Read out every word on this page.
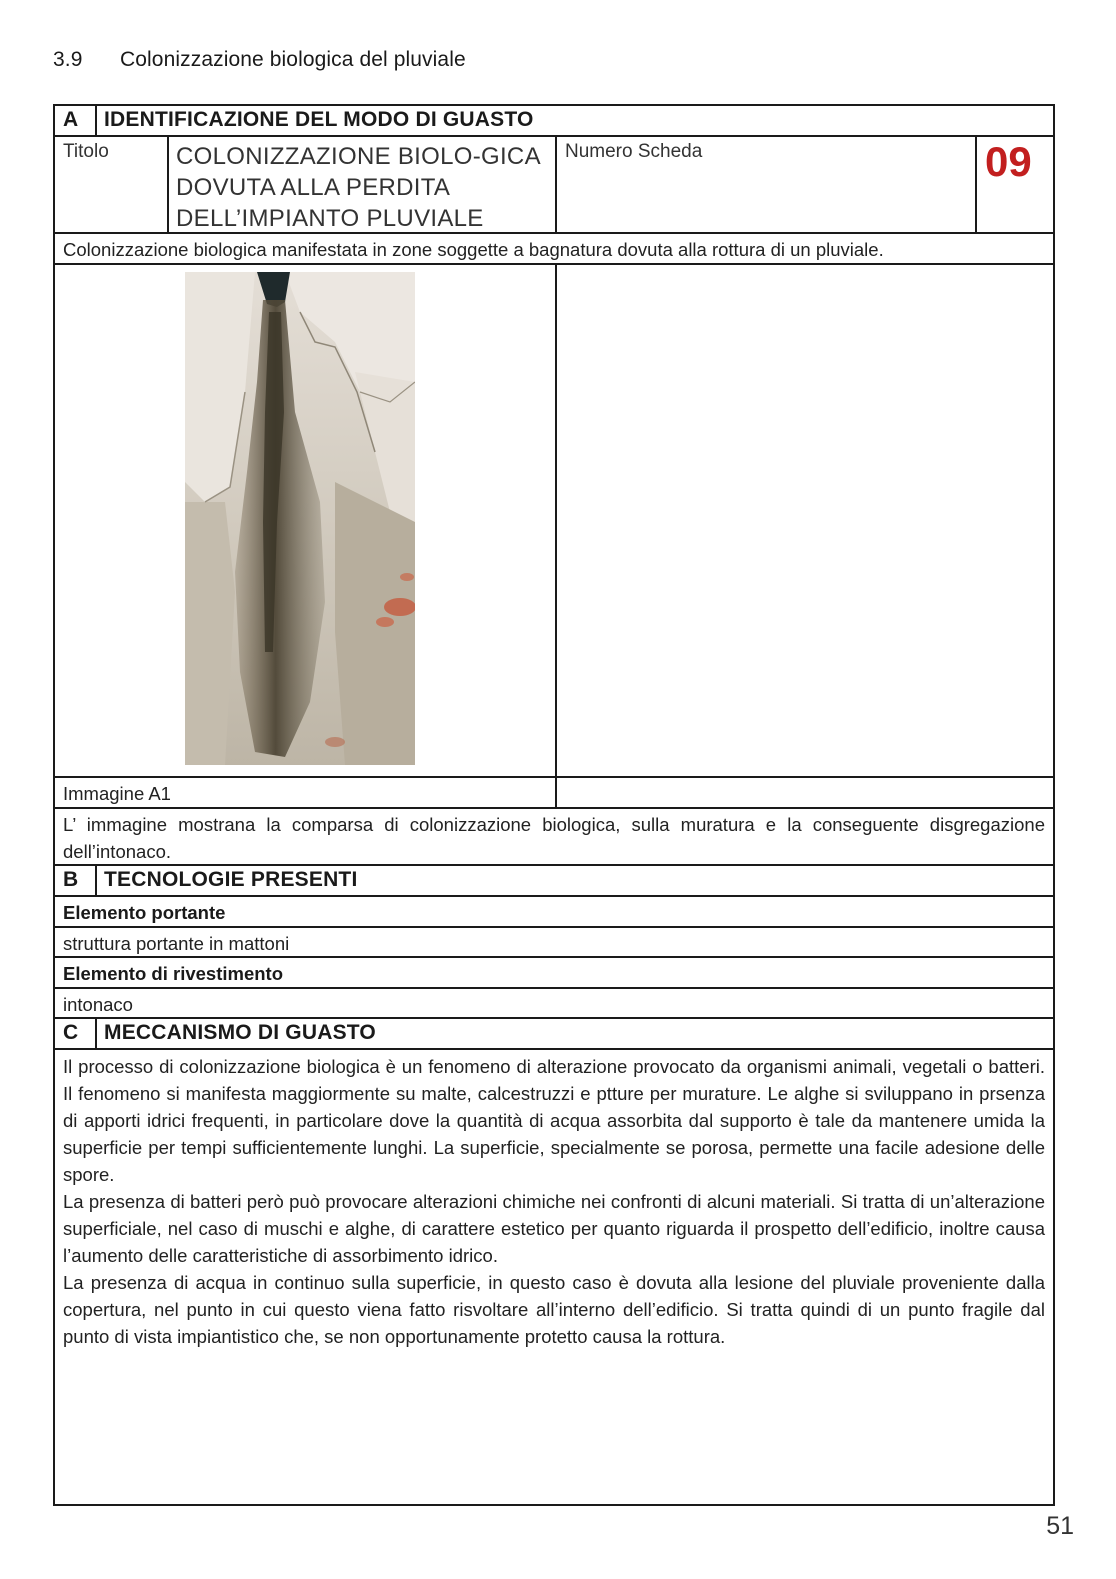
3.9 Colonizzazione biologica del pluviale
A	IDENTIFICAZIONE DEL MODO DI GUASTO
Titolo	COLONIZZAZIONE BIOLO-GICA DOVUTA ALLA PERDITA DELL’IMPIANTO PLUVIALE
Numero Scheda	09
Colonizzazione biologica manifestata in zone soggette a bagnatura dovuta alla rottura di un pluviale.
Immagine A1
L’ immagine mostrana la comparsa di colonizzazione biologica, sulla muratura e la conseguente disgregazione dell’intonaco.
B	TECNOLOGIE PRESENTI
Elemento portante
struttura portante in mattoni
Elemento di rivestimento
intonaco
C	MECCANISMO DI GUASTO
Il processo di colonizzazione biologica è un fenomeno di alterazione provocato da organismi animali, vegetali o batteri. Il fenomeno si manifesta maggiormente su malte, calcestruzzi e ptture per murature. Le alghe si sviluppano in prsenza di apporti idrici frequenti, in particolare dove la quantità di acqua assorbita dal supporto è tale da mantenere umida la superficie per tempi sufficientemente lunghi. La superficie, specialmente se porosa, permette una facile adesione delle spore.
La presenza di batteri però può provocare alterazioni chimiche nei confronti di alcuni materiali. Si tratta di un’alterazione superficiale, nel caso di muschi e alghe, di carattere estetico per quanto riguarda il prospetto dell’edificio, inoltre causa l’aumento delle caratteristiche di assorbimento idrico.
La presenza di acqua in continuo sulla superficie, in questo caso è dovuta alla lesione del pluviale proveniente dalla copertura, nel punto in cui questo viena fatto risvoltare all’interno dell’edificio. Si tratta quindi di un punto fragile dal punto di vista impiantistico che, se non opportunamente protetto causa la rottura.
51
